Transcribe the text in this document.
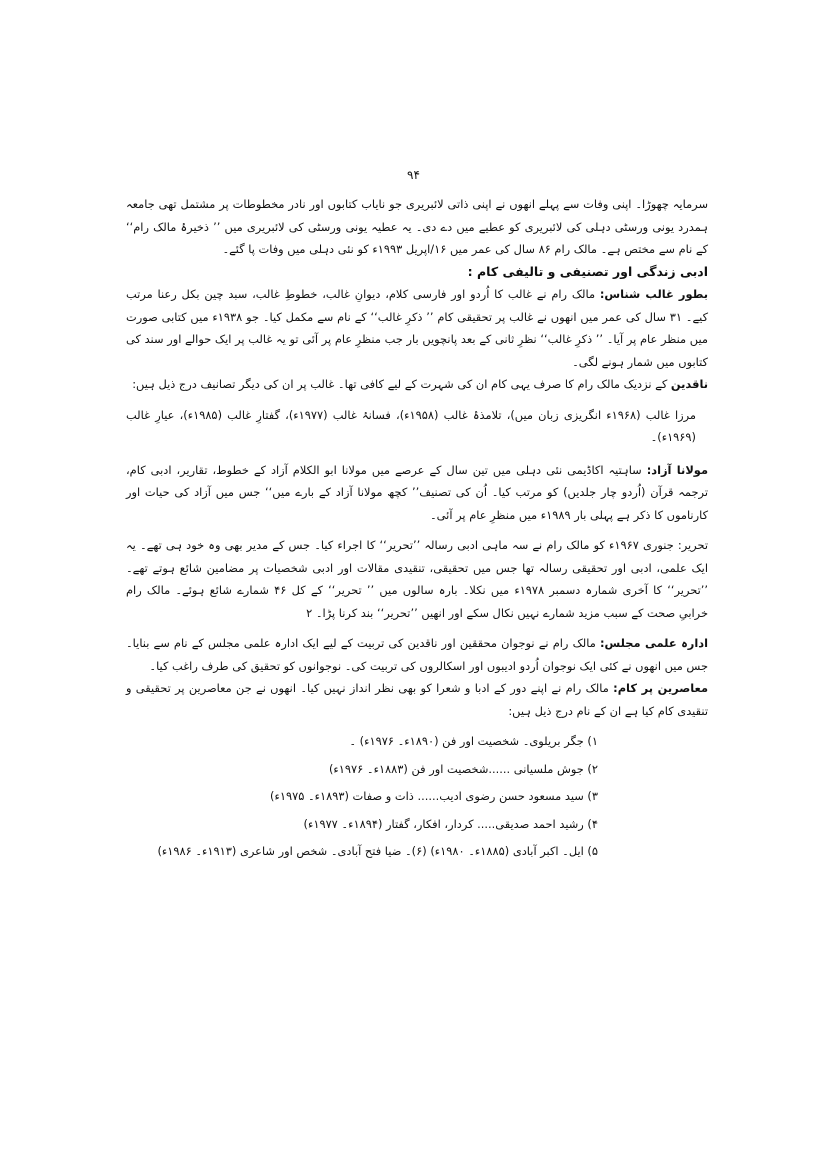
۹۴

سرمایہ چھوڑا۔ اپنی وفات سے پہلے انھوں نے اپنی ذاتی لائبریری جو نایاب کتابوں اور نادر مخطوطات پر مشتمل تھی جامعہ ہمدرد یونی ورسٹی دہلی کی لائبریری کو عطیے میں دے دی۔ یہ عطیہ یونی ورسٹی کی لائبریری میں ’’ ذخیرۂ مالک رام‘‘ کے نام سے مختص ہے۔ مالک رام ۸۶ سال کی عمر میں ۱۶/اپریل ۱۹۹۳ء کو نئی دہلی میں وفات پا گئے۔

ادبی زندگی اور تصنیفی و تالیفی کام :

بطور غالب شناس: مالک رام نے غالب کا اُردو اور فارسی کلام، دیوانِ غالب، خطوطِ غالب، سبد چین بکل رعنا مرتب کیے۔ ۳۱ سال کی عمر میں انھوں نے غالب پر تحقیقی کام ’’ ذکرِ غالب‘‘ کے نام سے مکمل کیا۔ جو ۱۹۳۸ء میں کتابی صورت میں منظر عام پر آیا۔ ’’ ذکرِ غالب‘‘ نظرِ ثانی کے بعد پانچویں بار جب منظرِ عام پر آئی تو یہ غالب پر ایک حوالے اور سند کی کتابوں میں شمار ہونے لگی۔

ناقدین کے نزدیک مالک رام کا صرف یہی کام ان کی شہرت کے لیے کافی تھا۔ غالب پر ان کی دیگر تصانیف درج ذیل ہیں:

مرزا غالب (۱۹۶۸ء انگریزی زبان میں)، تلامذۂ غالب (۱۹۵۸ء)، فسانۂ غالب (۱۹۷۷ء)، گفتارِ غالب (۱۹۸۵ء)، عیارِ غالب (۱۹۶۹ء)۔

مولانا آزاد: ساہتیہ اکاڈیمی نئی دہلی میں تین سال کے عرصے میں مولانا ابو الکلام آزاد کے خطوط، تقاریر، ادبی کام، ترجمہ قرآن (اُردو چار جلدیں) کو مرتب کیا۔ اُن کی تصنیف’’ کچھ مولانا آزاد کے بارے میں‘‘ جس میں آزاد کی حیات اور کارناموں کا ذکر ہے پہلی بار ۱۹۸۹ء میں منظرِ عام پر آئی۔

تحریر: جنوری ۱۹۶۷ء کو مالک رام نے سہ ماہی ادبی رسالہ ’’تحریر‘‘ کا اجراء کیا۔ جس کے مدیر بھی وہ خود ہی تھے۔ یہ ایک علمی، ادبی اور تحقیقی رسالہ تھا جس میں تحقیقی، تنقیدی مقالات اور ادبی شخصیات پر مضامین شائع ہوتے تھے۔ ’’تحریر‘‘ کا آخری شمارہ دسمبر ۱۹۷۸ء میں نکلا۔ بارہ سالوں میں ’’ تحریر‘‘ کے کل ۴۶ شمارے شائع ہوئے۔ مالک رام خرابیِ صحت کے سبب مزید شمارے نہیں نکال سکے اور انھیں ’’تحریر‘‘ بند کرنا پڑا۔ ۲

ادارہ علمی مجلس: مالک رام نے نوجوان محققین اور ناقدین کی تربیت کے لیے ایک ادارہ علمی مجلس کے نام سے بنایا۔ جس میں انھوں نے کئی ایک نوجوان اُردو ادیبوں اور اسکالروں کی تربیت کی۔ نوجوانوں کو تحقیق کی طرف راغب کیا۔

معاصرین پر کام: مالک رام نے اپنے دور کے ادبا و شعرا کو بھی نظر انداز نہیں کیا۔ انھوں نے جن معاصرین پر تحقیقی و تنقیدی کام کیا ہے ان کے نام درج ذیل ہیں:

۱) جگر بریلوی۔ شخصیت اور فن (۱۸۹۰ء۔ ۱۹۷۶ء) ۔
۲) جوش ملسیانی ......شخصیت اور فن (۱۸۸۳ء۔ ۱۹۷۶ء)
۳) سید مسعود حسن رضوی ادیب...... ذات و صفات (۱۸۹۳ء۔ ۱۹۷۵ء)
۴) رشید احمد صدیقی..... کردار، افکار، گفتار (۱۸۹۴ء۔ ۱۹۷۷ء)
۵) ایل۔ اکبر آبادی (۱۸۸۵ء۔ ۱۹۸۰ء) (۶)۔ ضیا فتح آبادی۔ شخص اور شاعری (۱۹۱۳ء۔ ۱۹۸۶ء)
